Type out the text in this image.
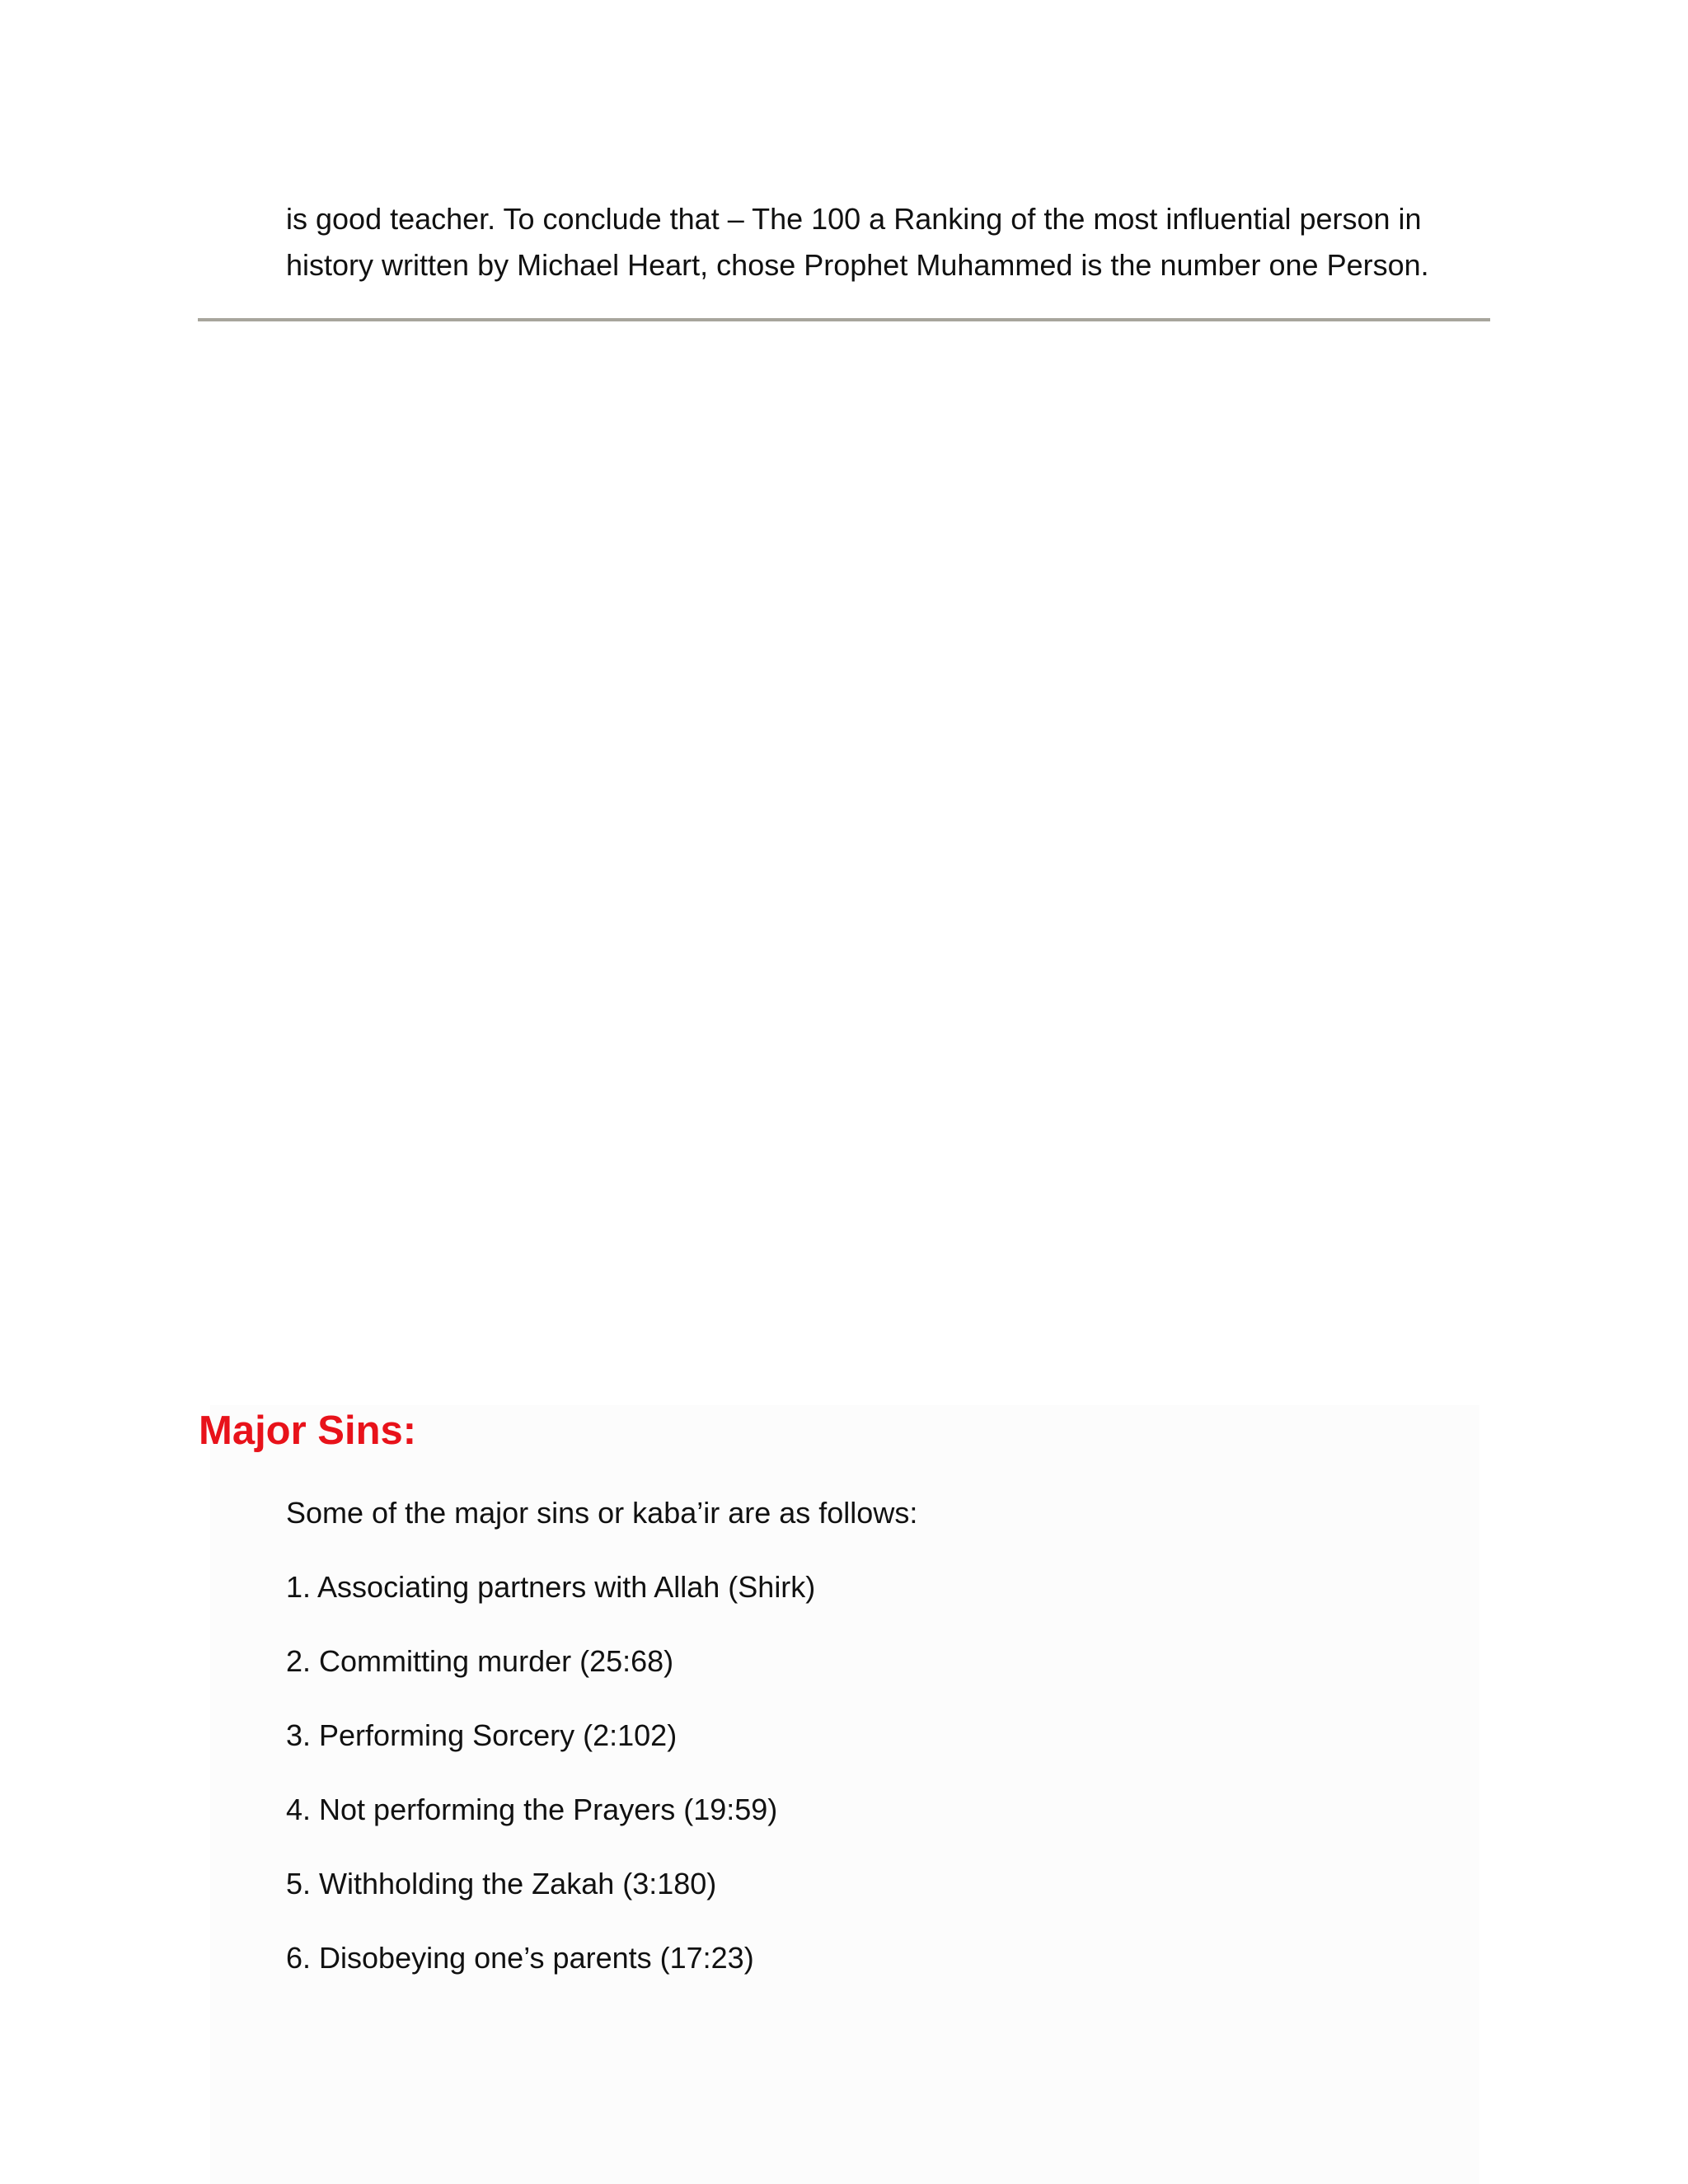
is good teacher. To conclude that – The 100 a Ranking of the most influential person in
history written by Michael Heart, chose Prophet Muhammed is the number one Person.

Major Sins:

Some of the major sins or kaba’ir are as follows:

1. Associating partners with Allah (Shirk)
2. Committing murder (25:68)
3. Performing Sorcery (2:102)
4. Not performing the Prayers (19:59)
5. Withholding the Zakah (3:180)
6. Disobeying one’s parents (17:23)
